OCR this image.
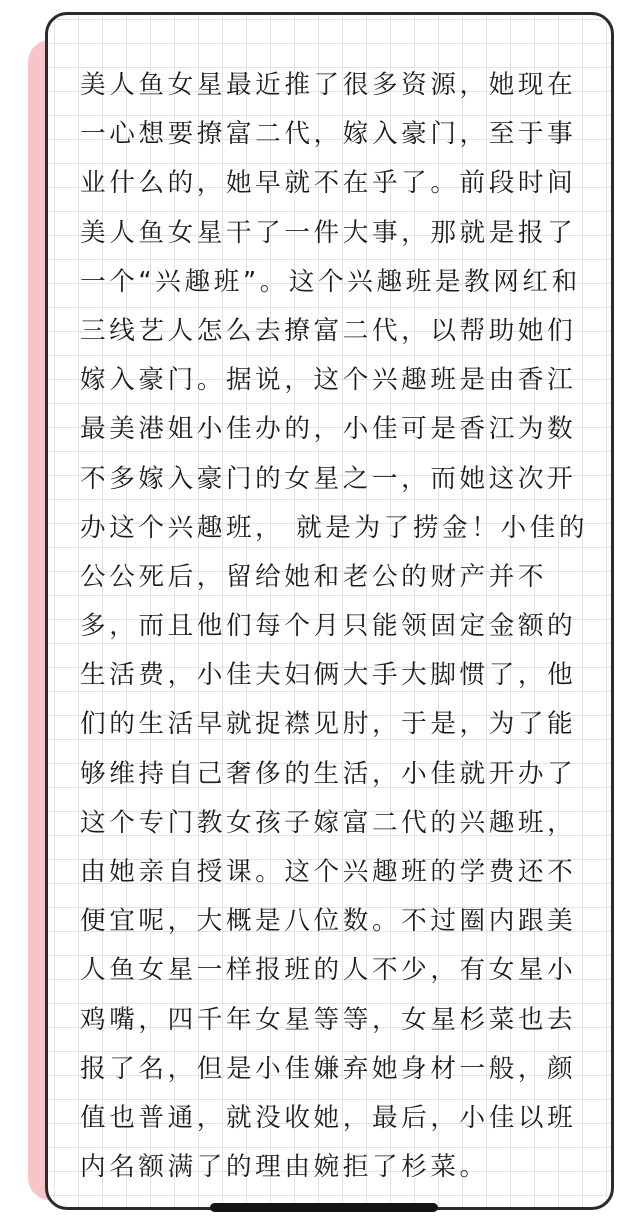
美人鱼女星最近推了很多资源，她现在
一心想要撩富二代，嫁入豪门，至于事
业什么的，她早就不在乎了。前段时间
美人鱼女星干了一件大事，那就是报了
一个“兴趣班”。这个兴趣班是教网红和
三线艺人怎么去撩富二代，以帮助她们
嫁入豪门。据说，这个兴趣班是由香江
最美港姐小佳办的，小佳可是香江为数
不多嫁入豪门的女星之一，而她这次开
办这个兴趣班， 就是为了捞金！小佳的
公公死后，留给她和老公的财产并不
多，而且他们每个月只能领固定金额的
生活费，小佳夫妇俩大手大脚惯了，他
们的生活早就捉襟见肘，于是，为了能
够维持自己奢侈的生活，小佳就开办了
这个专门教女孩子嫁富二代的兴趣班，
由她亲自授课。这个兴趣班的学费还不
便宜呢，大概是八位数。不过圈内跟美
人鱼女星一样报班的人不少，有女星小
鸡嘴，四千年女星等等，女星杉菜也去
报了名，但是小佳嫌弃她身材一般，颜
值也普通，就没收她，最后，小佳以班
内名额满了的理由婉拒了杉菜。
